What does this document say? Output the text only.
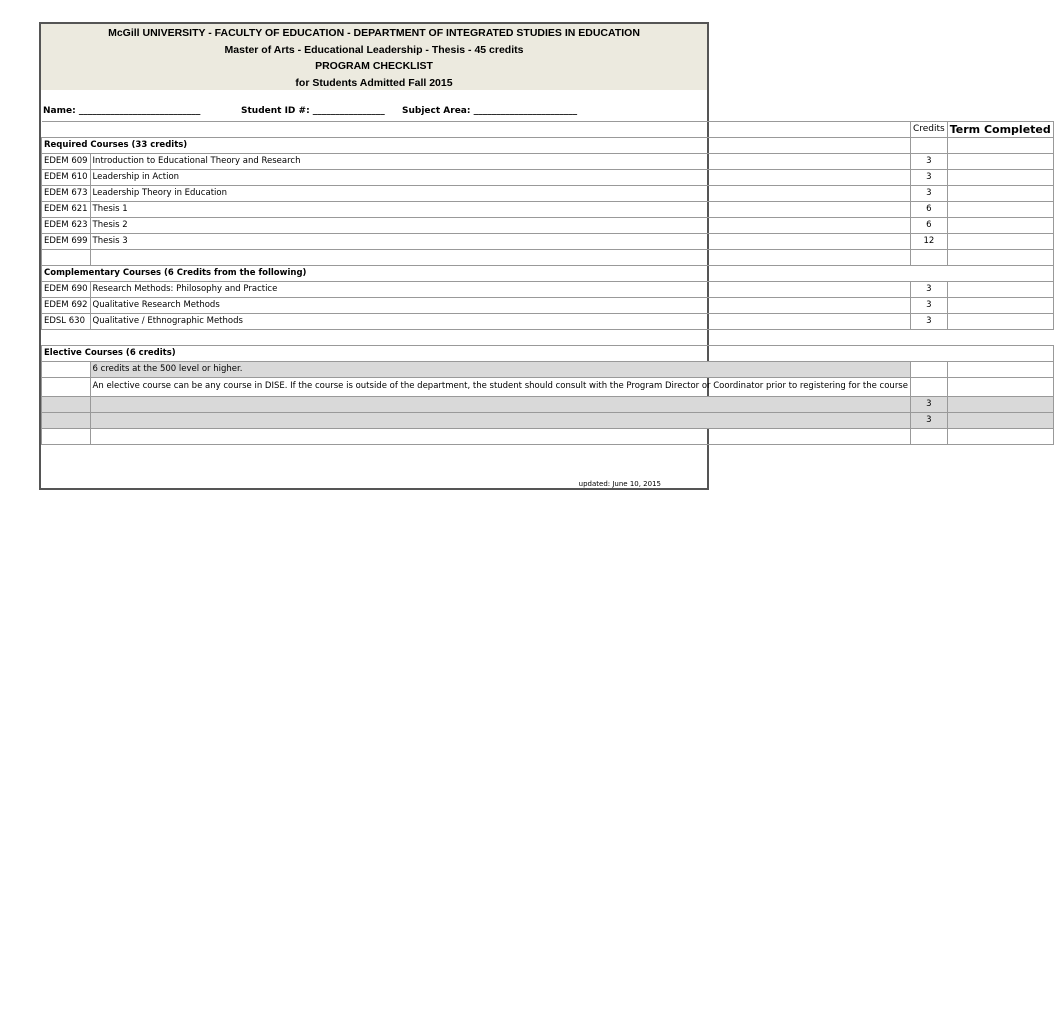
McGill UNIVERSITY - FACULTY OF EDUCATION - DEPARTMENT OF INTEGRATED STUDIES IN EDUCATION
Master of Arts - Educational Leadership - Thesis - 45 credits
PROGRAM CHECKLIST
for Students Admitted Fall 2015
Name: ___________________________	Student ID #: ________________ Subject Area: _______________________
		Credits	Term Completed
Required Courses (33 credits)			
EDEM 609	Introduction to Educational Theory and Research	3	
EDEM 610	Leadership in Action	3	
EDEM 673	Leadership Theory in Education	3	
EDEM 621	Thesis 1	6	
EDEM 623	Thesis 2	6	
EDEM 699	Thesis 3	12	

Complementary Courses (6 Credits from the following)			
EDEM 690	Research Methods: Philosophy and Practice	3	
EDEM 692	Qualitative Research Methods	3	
EDSL 630	Qualitative / Ethnographic Methods	3	

Elective Courses (6 credits)			
	6 credits at the 500 level or higher.		
	An elective course can be any course in DISE. If the course is outside of the department, the student should consult with the Program Director or Coordinator prior to registering for the course		
		3	
		3	

updated: June 10, 2015
